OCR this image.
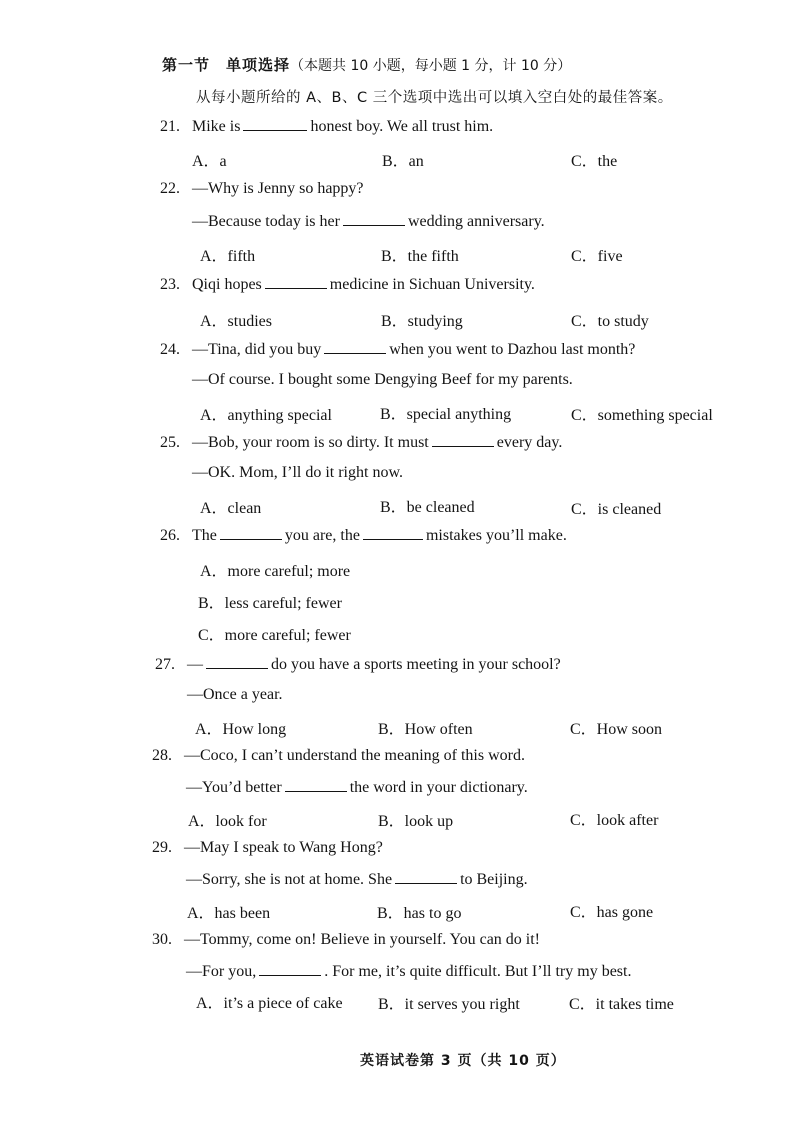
第一节　单项选择（本题共 10 小题，每小题 1 分，计 10 分）
从每小题所给的 A、B、C 三个选项中选出可以填入空白处的最佳答案。
21. Mike is	honest boy. We all trust him.
A．a	B．an	C．the
22. —Why is Jenny so happy?
—Because today is her	wedding anniversary.
A．fifth	B．the fifth	C．five
23. Qiqi hopes	medicine in Sichuan University.
A．studies	B．studying	C．to study
24. —Tina, did you buy	when you went to Dazhou last month?
—Of course. I bought some Dengying Beef for my parents.
A．anything special	B．special anything	C．something special
25. —Bob, your room is so dirty. It must	every day.
—OK. Mom, I’ll do it right now.
A．clean	B．be cleaned	C．is cleaned
26. The	you are, the	mistakes you’ll make.
A．more careful; more
B．less careful; fewer
C．more careful; fewer
27. —	do you have a sports meeting in your school?
—Once a year.
A．How long	B．How often	C．How soon
28. —Coco, I can’t understand the meaning of this word.
—You’d better	the word in your dictionary.
A．look for	B．look up	C．look after
29. —May I speak to Wang Hong?
—Sorry, she is not at home. She	to Beijing.
A．has been	B．has to go	C．has gone
30. —Tommy, come on! Believe in yourself. You can do it!
—For you,	. For me, it’s quite difficult. But I’ll try my best.
A．it’s a piece of cake B．it serves you right	C．it takes time
英语试卷第 3 页（共 10 页）
